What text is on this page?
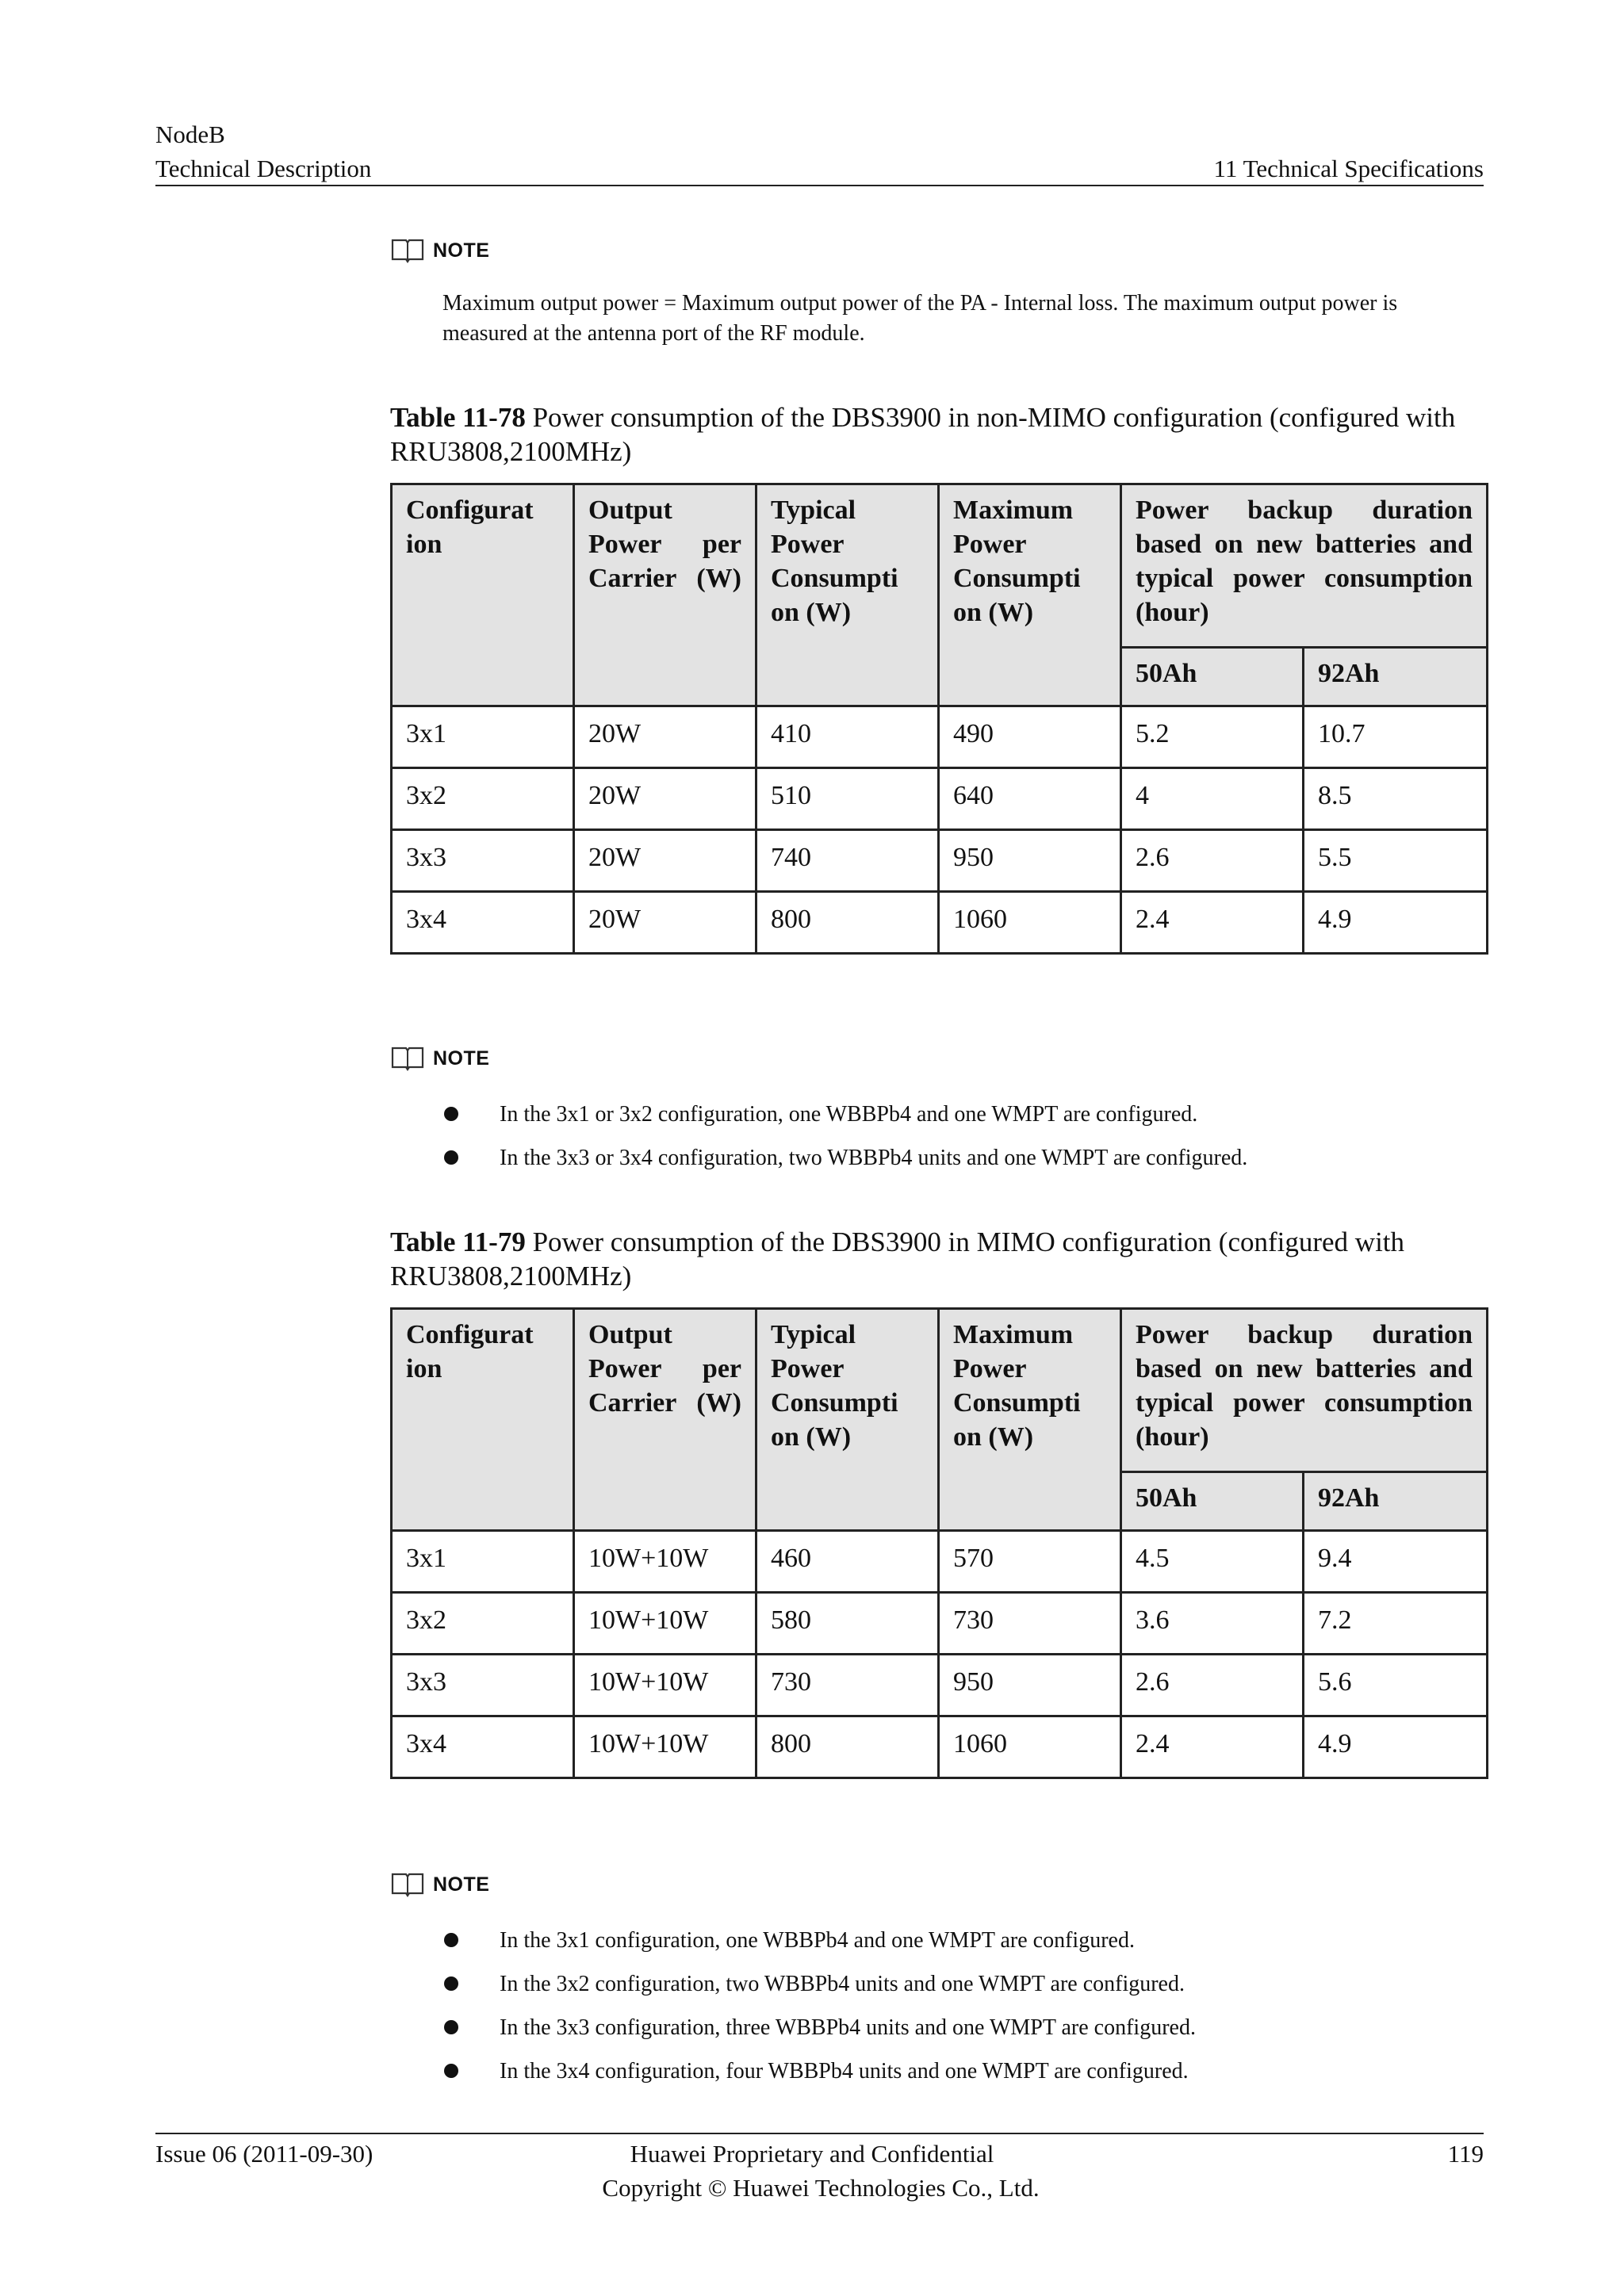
NodeB
Technical Description	11 Technical Specifications
NOTE
Maximum output power = Maximum output power of the PA - Internal loss. The maximum output power is measured at the antenna port of the RF module.
Table 11-78 Power consumption of the DBS3900 in non-MIMO configuration (configured with RRU3808,2100MHz)
Configurat ion	Output Power per Carrier (W)	Typical Power Consumpti on (W)	Maximum Power Consumpti on (W)	Power backup duration based on new batteries and typical power consumption (hour)	
				50Ah	92Ah
3x1	20W	410	490	5.2	10.7
3x2	20W	510	640	4	8.5
3x3	20W	740	950	2.6	5.5
3x4	20W	800	1060	2.4	4.9
NOTE
In the 3x1 or 3x2 configuration, one WBBPb4 and one WMPT are configured.
In the 3x3 or 3x4 configuration, two WBBPb4 units and one WMPT are configured.
Table 11-79 Power consumption of the DBS3900 in MIMO configuration (configured with RRU3808,2100MHz)
Configurat ion	Output Power per Carrier (W)	Typical Power Consumpti on (W)	Maximum Power Consumpti on (W)	Power backup duration based on new batteries and typical power consumption (hour)	
				50Ah	92Ah
3x1	10W+10W	460	570	4.5	9.4
3x2	10W+10W	580	730	3.6	7.2
3x3	10W+10W	730	950	2.6	5.6
3x4	10W+10W	800	1060	2.4	4.9
NOTE
In the 3x1 configuration, one WBBPb4 and one WMPT are configured.
In the 3x2 configuration, two WBBPb4 units and one WMPT are configured.
In the 3x3 configuration, three WBBPb4 units and one WMPT are configured.
In the 3x4 configuration, four WBBPb4 units and one WMPT are configured.
Issue 06 (2011-09-30)	Huawei Proprietary and Confidential
Copyright © Huawei Technologies Co., Ltd.
119
